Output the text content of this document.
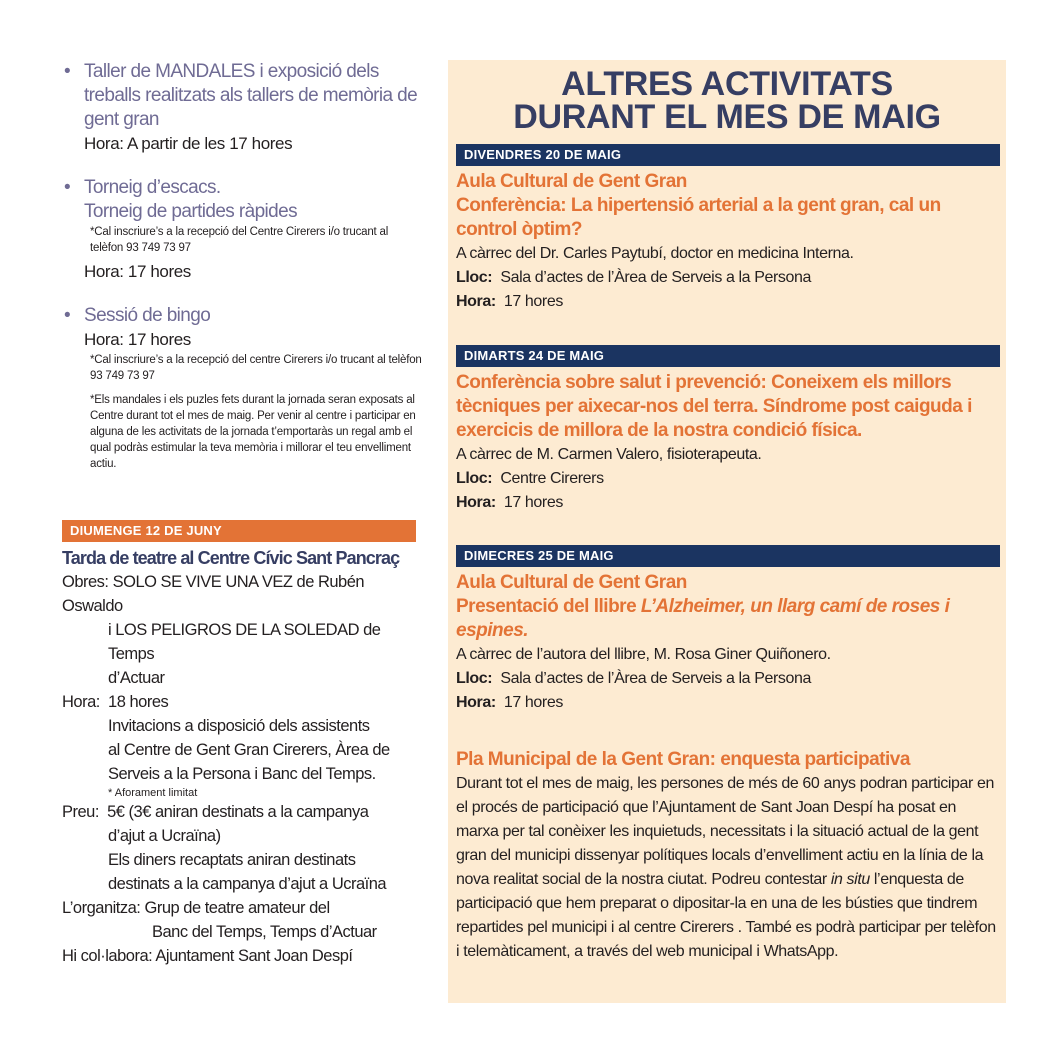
• Taller de MANDALES i exposició dels treballs realitzats als tallers de memòria de gent gran
Hora: A partir de les 17 hores
• Torneig d’escacs.
Torneig de partides ràpides
*Cal inscriure’s a la recepció del Centre Cirerers i/o trucant al telèfon 93 749 73 97
Hora: 17 hores
• Sessió de bingo
Hora: 17 hores
*Cal inscriure’s a la recepció del centre Cirerers i/o trucant al telèfon 93 749 73 97
*Els mandales i els puzles fets durant la jornada seran exposats al Centre durant tot el mes de maig. Per venir al centre i participar en alguna de les activitats de la jornada t’emportaràs un regal amb el qual podràs estimular la teva memòria i millorar el teu envelliment actiu.
DIUMENGE 12 DE JUNY
Tarda de teatre al Centre Cívic Sant Pancraç
Obres: SOLO SE VIVE UNA VEZ de Rubén Oswaldo
i LOS PELIGROS DE LA SOLEDAD de Temps
d’Actuar
Hora: 18 hores
Invitacions a disposició dels assistents
al Centre de Gent Gran Cirerers, Àrea de
Serveis a la Persona i Banc del Temps.
* Aforament limitat
Preu: 5€ (3€ aniran destinats a la campanya
d’ajut a Ucraïna)
Els diners recaptats aniran destinats
destinats a la campanya d’ajut a Ucraïna
L’organitza: Grup de teatre amateur del
Banc del Temps, Temps d’Actuar
Hi col·labora: Ajuntament Sant Joan Despí
ALTRES ACTIVITATS
DURANT EL MES DE MAIG
DIVENDRES 20 DE MAIG
Aula Cultural de Gent Gran
Conferència: La hipertensió arterial a la gent gran, cal un control òptim?
A càrrec del Dr. Carles Paytubí, doctor en medicina Interna.
Lloc: Sala d’actes de l’Àrea de Serveis a la Persona
Hora: 17 hores
DIMARTS 24 DE MAIG
Conferència sobre salut i prevenció: Coneixem els millors tècniques per aixecar-nos del terra. Síndrome post caiguda i exercicis de millora de la nostra condició física.
A càrrec de M. Carmen Valero, fisioterapeuta.
Lloc: Centre Cirerers
Hora: 17 hores
DIMECRES 25 DE MAIG
Aula Cultural de Gent Gran
Presentació del llibre L’Alzheimer, un llarg camí de roses i espines.
A càrrec de l’autora del llibre, M. Rosa Giner Quiñonero.
Lloc: Sala d’actes de l’Àrea de Serveis a la Persona
Hora: 17 hores
Pla Municipal de la Gent Gran: enquesta participativa
Durant tot el mes de maig, les persones de més de 60 anys podran participar en el procés de participació que l’Ajuntament de Sant Joan Despí ha posat en marxa per tal conèixer les inquietuds, necessitats i la situació actual de la gent gran del municipi dissenyar polítiques locals d’envelliment actiu en la línia de la nova realitat social de la nostra ciutat. Podreu contestar in situ l’enquesta de participació que hem preparat o dipositar-la en una de les bústies que tindrem repartides pel municipi i al centre Cirerers . També es podrà participar per telèfon i telemàticament, a través del web municipal i WhatsApp.
